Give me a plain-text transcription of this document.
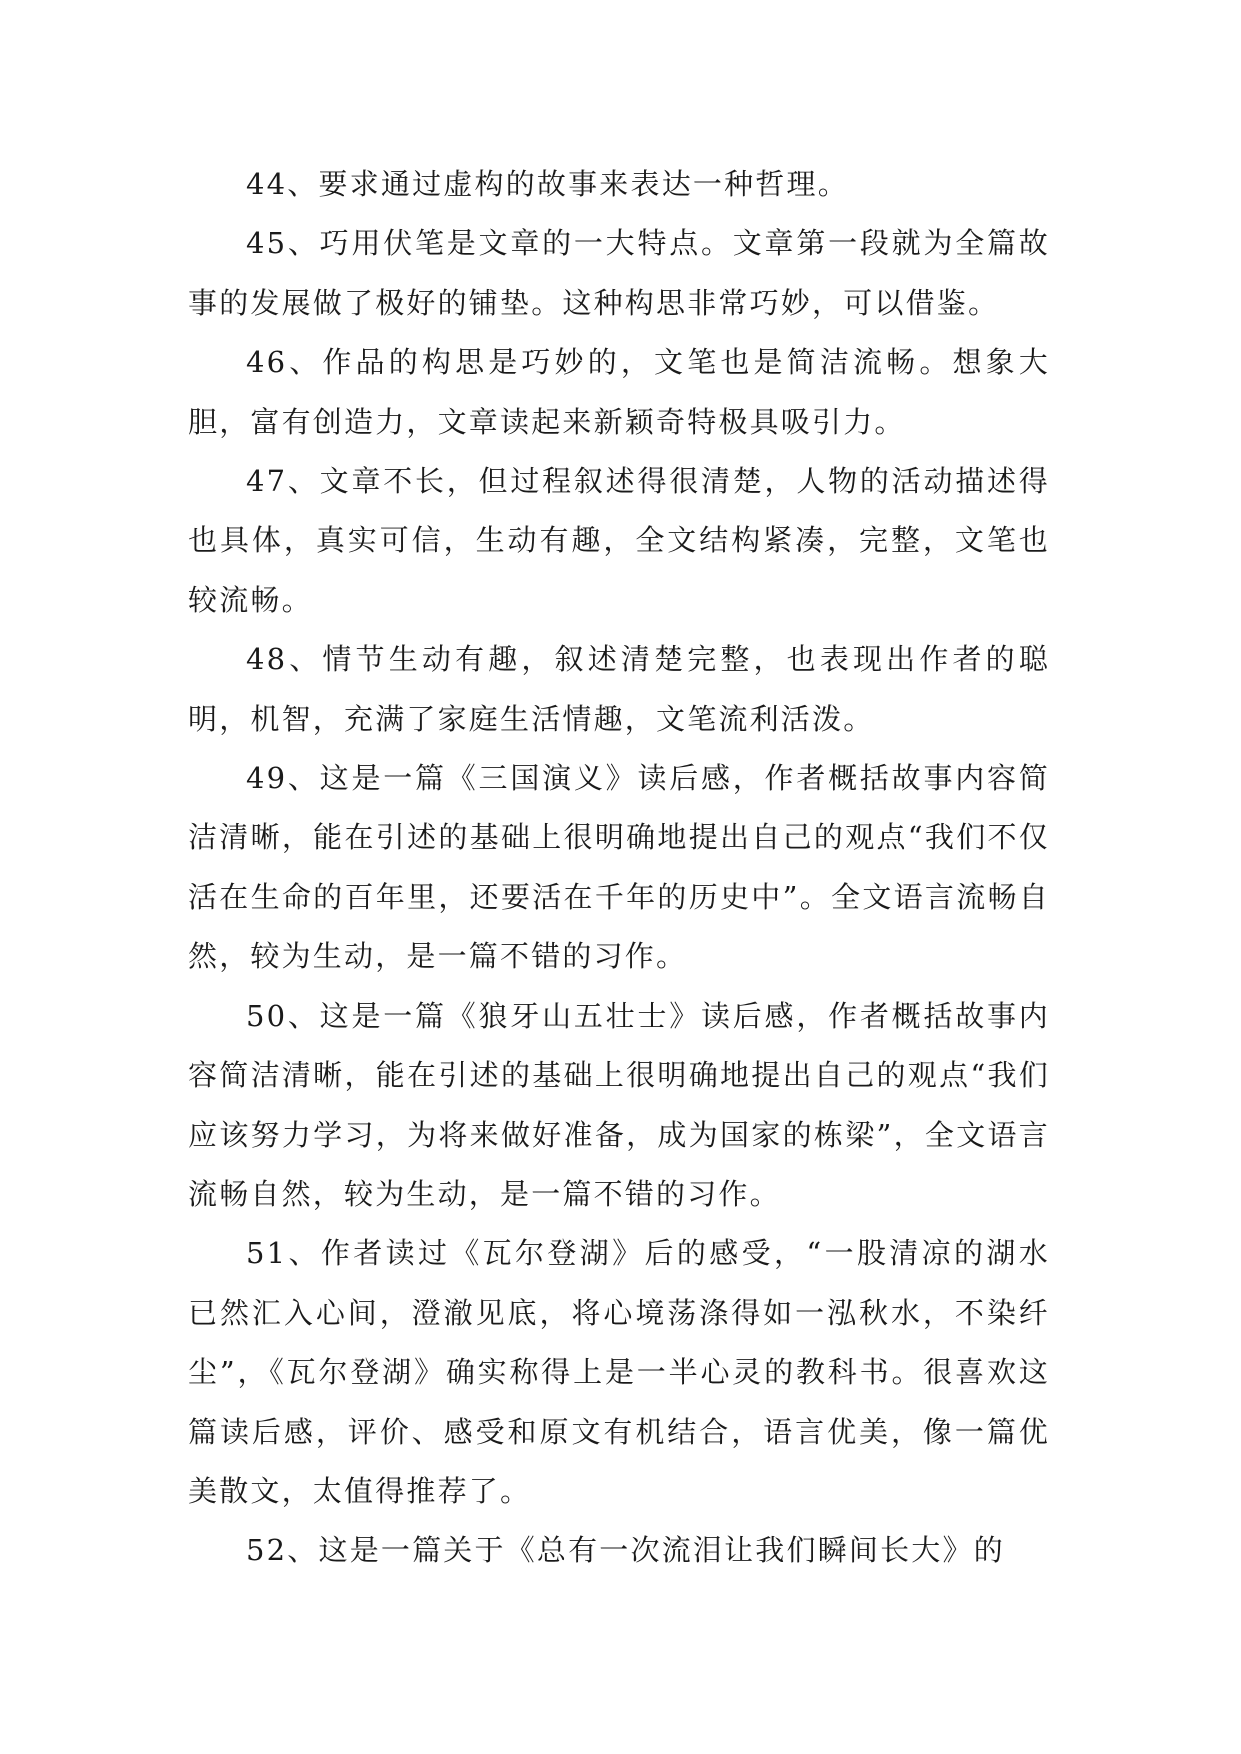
44、要求通过虚构的故事来表达一种哲理。

45、巧用伏笔是文章的一大特点。文章第一段就为全篇故事的发展做了极好的铺垫。这种构思非常巧妙，可以借鉴。

46、作品的构思是巧妙的，文笔也是简洁流畅。想象大胆，富有创造力，文章读起来新颖奇特极具吸引力。

47、文章不长，但过程叙述得很清楚，人物的活动描述得也具体，真实可信，生动有趣，全文结构紧凑，完整，文笔也较流畅。

48、情节生动有趣，叙述清楚完整，也表现出作者的聪明，机智，充满了家庭生活情趣，文笔流利活泼。

49、这是一篇《三国演义》读后感，作者概括故事内容简洁清晰，能在引述的基础上很明确地提出自己的观点“我们不仅活在生命的百年里，还要活在千年的历史中”。全文语言流畅自然，较为生动，是一篇不错的习作。

50、这是一篇《狼牙山五壮士》读后感，作者概括故事内容简洁清晰，能在引述的基础上很明确地提出自己的观点“我们应该努力学习，为将来做好准备，成为国家的栋梁”，全文语言流畅自然，较为生动，是一篇不错的习作。

51、作者读过《瓦尔登湖》后的感受，“一股清凉的湖水已然汇入心间，澄澈见底，将心境荡涤得如一泓秋水，不染纤尘”，《瓦尔登湖》确实称得上是一半心灵的教科书。很喜欢这篇读后感，评价、感受和原文有机结合，语言优美，像一篇优美散文，太值得推荐了。

52、这是一篇关于《总有一次流泪让我们瞬间长大》的
